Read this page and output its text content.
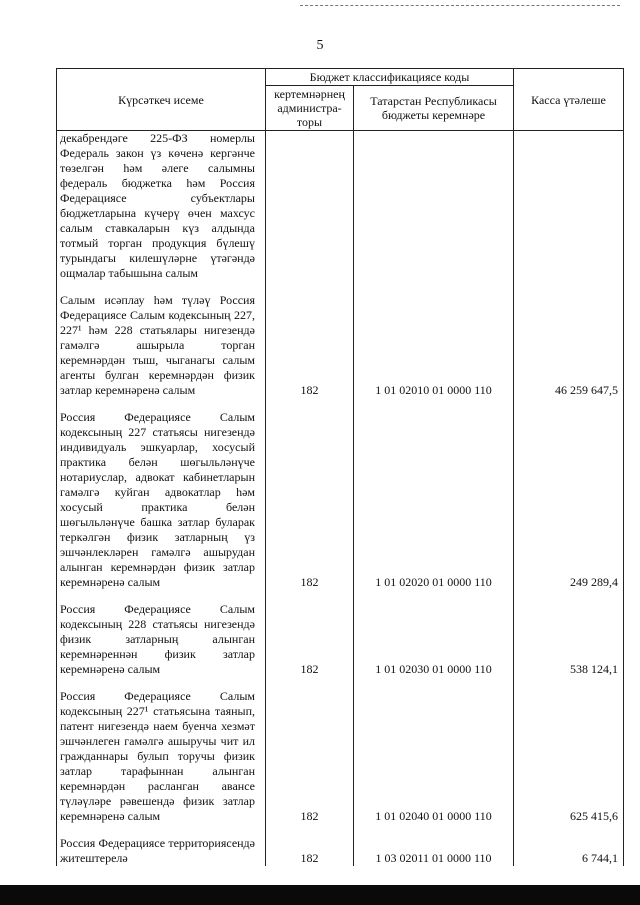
5
Күрсәткеч исеме	Бюджет классификациясе коды		Касса үтәлеше
	кертемнәрнең администра-торы	Татарстан Республикасы бюджеты керемнәре	
декабрендәге 225-ФЗ номерлы Федераль закон үз көченә кергәнче төзелгән һәм әлеге салымны федераль бюджетка һәм Россия Федерациясе субъектлары бюджетларына күчерү өчен махсус салым ставкаларын күз алдында тотмый торган продукция бүлешү турындагы килешүләрне үтәгәндә ощмалар табышына салым			
Салым исәплау һәм түләү Россия Федерациясе Салым кодексының 227, 227¹ һәм 228 статьялары нигезендә гамәлгә ашырыла торган керемнәрдән тыш, чыганагы салым агенты булган керемнәрдән физик затлар керемнәренә салым	182	1 01 02010 01 0000 110	46 259 647,5
Россия Федерациясе Салым кодексының 227 статьясы нигезендә индивидуаль эшкуарлар, хосусый практика белән шөгыльләнүче нотариуслар, адвокат кабинетларын гамәлгә куйган адвокатлар һәм хосусый практика белән шөгыльләнүче башка затлар буларак теркәлгән физик затларның үз эшчәнлекләрен гамәлгә ашырудан алынган керемнәрдән физик затлар керемнәренә салым	182	1 01 02020 01 0000 110	249 289,4
Россия Федерациясе Салым кодексының 228 статьясы нигезендә физик затларның алынган керемнәреннән физик затлар керемнәренә салым	182	1 01 02030 01 0000 110	538 124,1
Россия Федерациясе Салым кодексының 227¹ статьясына таянып, патент нигезендә наем буенча хезмәт эшчәнлеген гамәлгә ашыручы чит ил гражданнары булып торучы физик затлар тарафыннан алынган керемнәрдән расланган авансе түләүләре рәвешендә физик затлар керемнәренә салым	182	1 01 02040 01 0000 110	625 415,6
Россия Федерациясе территориясендә житештерелә	182	1 03 02011 01 0000 110	6 744,1
